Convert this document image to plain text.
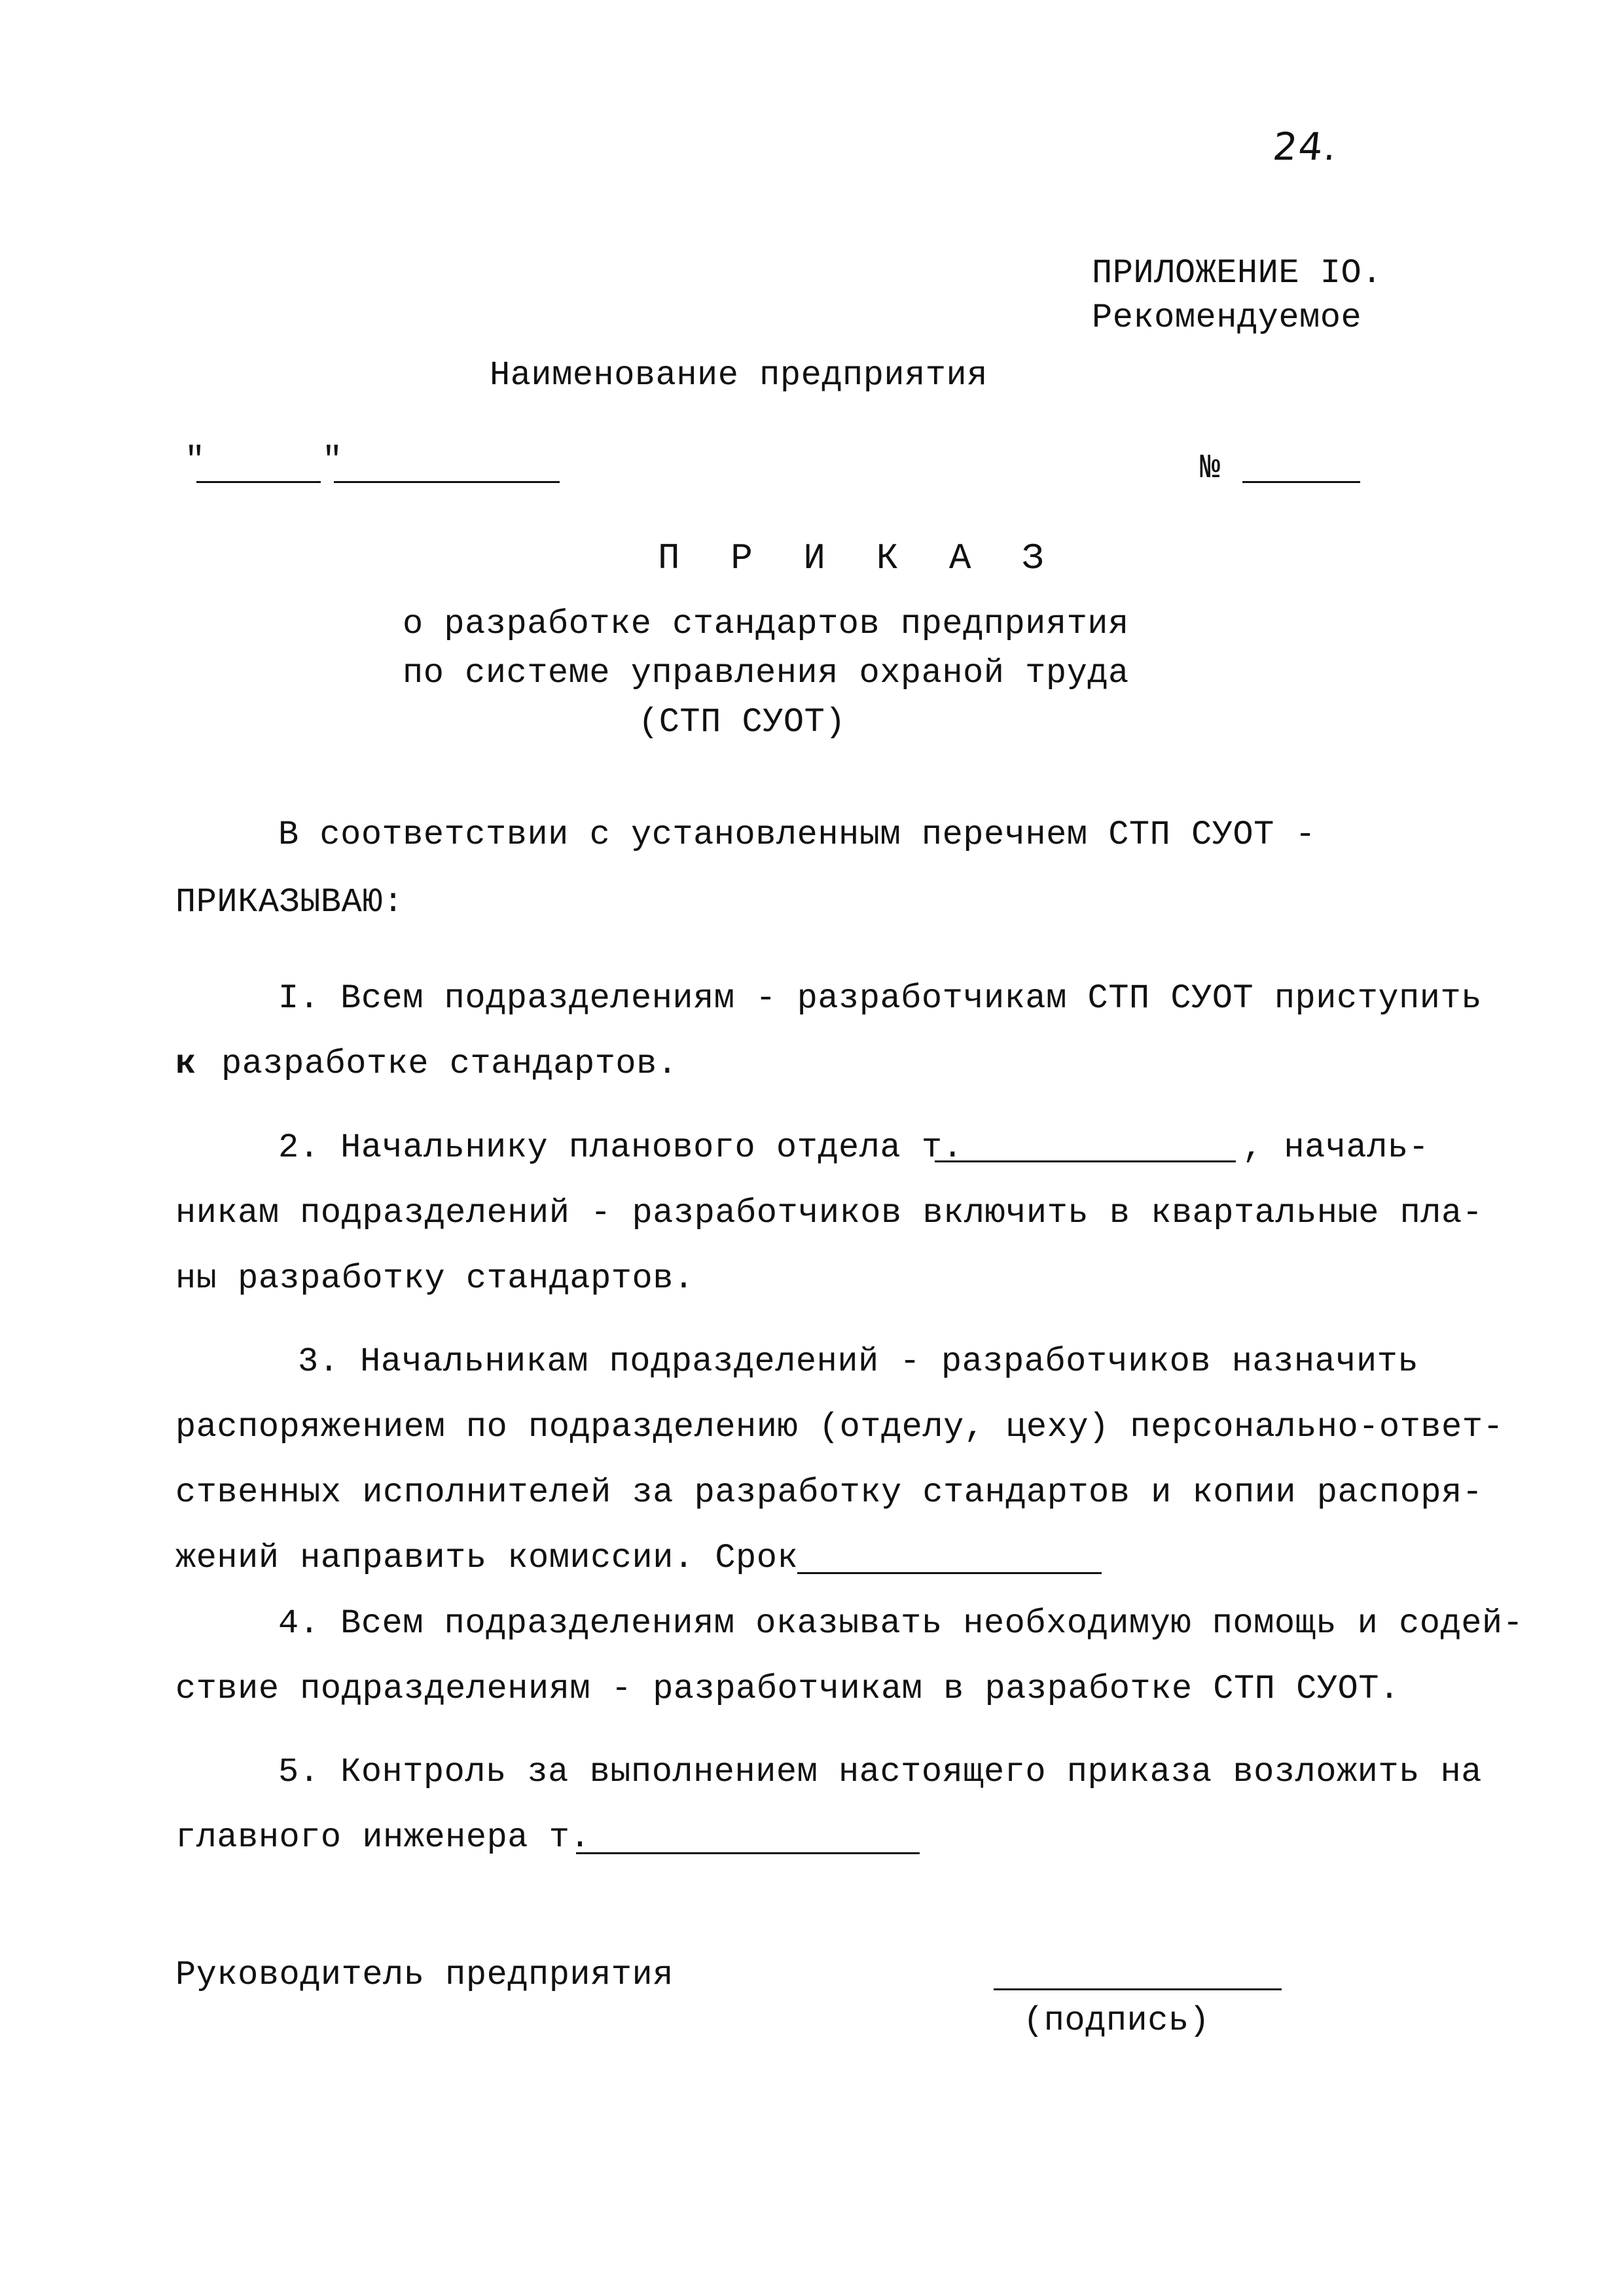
24.
ПРИЛОЖЕНИЕ IO.
Рекомендуемое
Наименование предприятия
"	"	№
П Р И К А З
о разработке стандартов предприятия
по системе управления охраной труда
(СТП СУОТ)
В соответствии с установленным перечнем СТП СУОТ -
ПРИКАЗЫВАЮ:
I. Всем подразделениям - разработчикам СТП СУОТ приступить
к разработке стандартов.
2. Начальнику планового отдела т.	, началь-
никам подразделений - разработчиков включить в квартальные пла-
ны разработку стандартов.
3. Начальникам подразделений - разработчиков назначить
распоряжением по подразделению (отделу, цеху) персонально-ответ-
ственных исполнителей за разработку стандартов и копии распоря-
жений направить комиссии. Срок
4. Всем подразделениям оказывать необходимую помощь и содей-
ствие подразделениям - разработчикам в разработке СТП СУОТ.
5. Контроль за выполнением настоящего приказа возложить на
главного инженера т.
Руководитель предприятия
(подпись)
